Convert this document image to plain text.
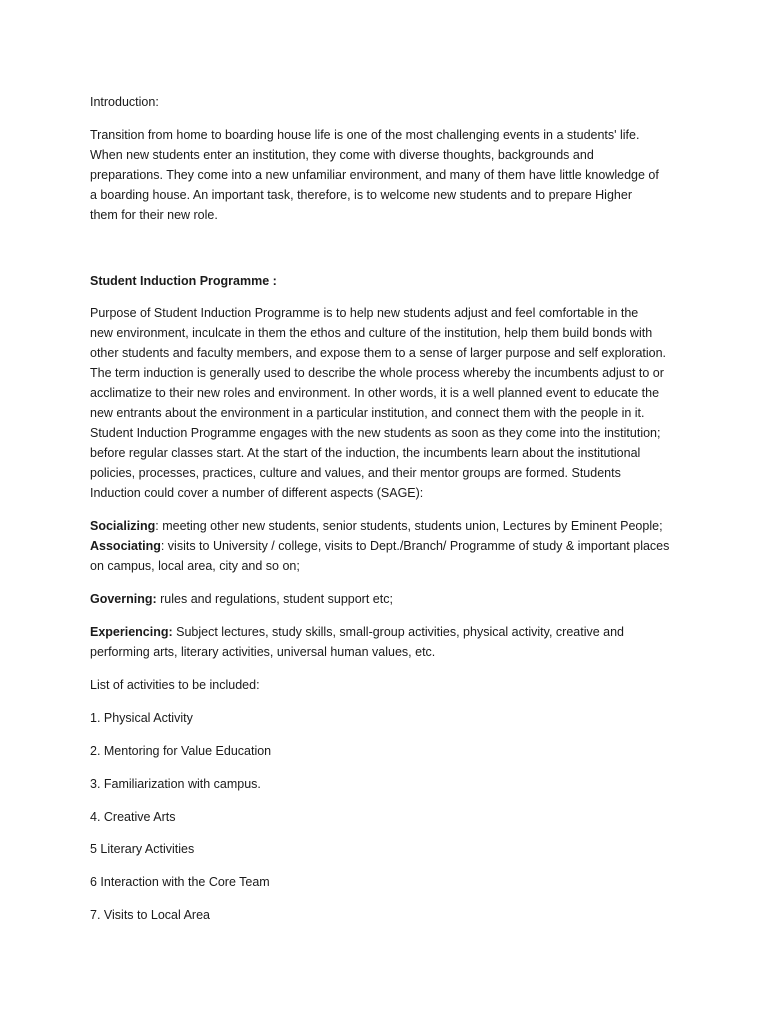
Introduction:

Transition from home to boarding house life is one of the most challenging events in a students' life.
When new students enter an institution, they come with diverse thoughts, backgrounds and
preparations. They come into a new unfamiliar environment, and many of them have little knowledge of
a boarding house. An important task, therefore, is to welcome new students and to prepare Higher
them for their new role.

Student Induction Programme :

Purpose of Student Induction Programme is to help new students adjust and feel comfortable in the
new environment, inculcate in them the ethos and culture of the institution, help them build bonds with
other students and faculty members, and expose them to a sense of larger purpose and self exploration.
The term induction is generally used to describe the whole process whereby the incumbents adjust to or
acclimatize to their new roles and environment. In other words, it is a well planned event to educate the
new entrants about the environment in a particular institution, and connect them with the people in it.
Student Induction Programme engages with the new students as soon as they come into the institution;
before regular classes start. At the start of the induction, the incumbents learn about the institutional
policies, processes, practices, culture and values, and their mentor groups are formed. Students
Induction could cover a number of different aspects (SAGE):

Socializing: meeting other new students, senior students, students union, Lectures by Eminent People;
Associating: visits to University / college, visits to Dept./Branch/ Programme of study & important places
on campus, local area, city and so on;

Governing: rules and regulations, student support etc;

Experiencing: Subject lectures, study skills, small-group activities, physical activity, creative and
performing arts, literary activities, universal human values, etc.

List of activities to be included:

1. Physical Activity

2. Mentoring for Value Education

3. Familiarization with campus.

4. Creative Arts

5 Literary Activities

6 Interaction with the Core Team

7. Visits to Local Area
